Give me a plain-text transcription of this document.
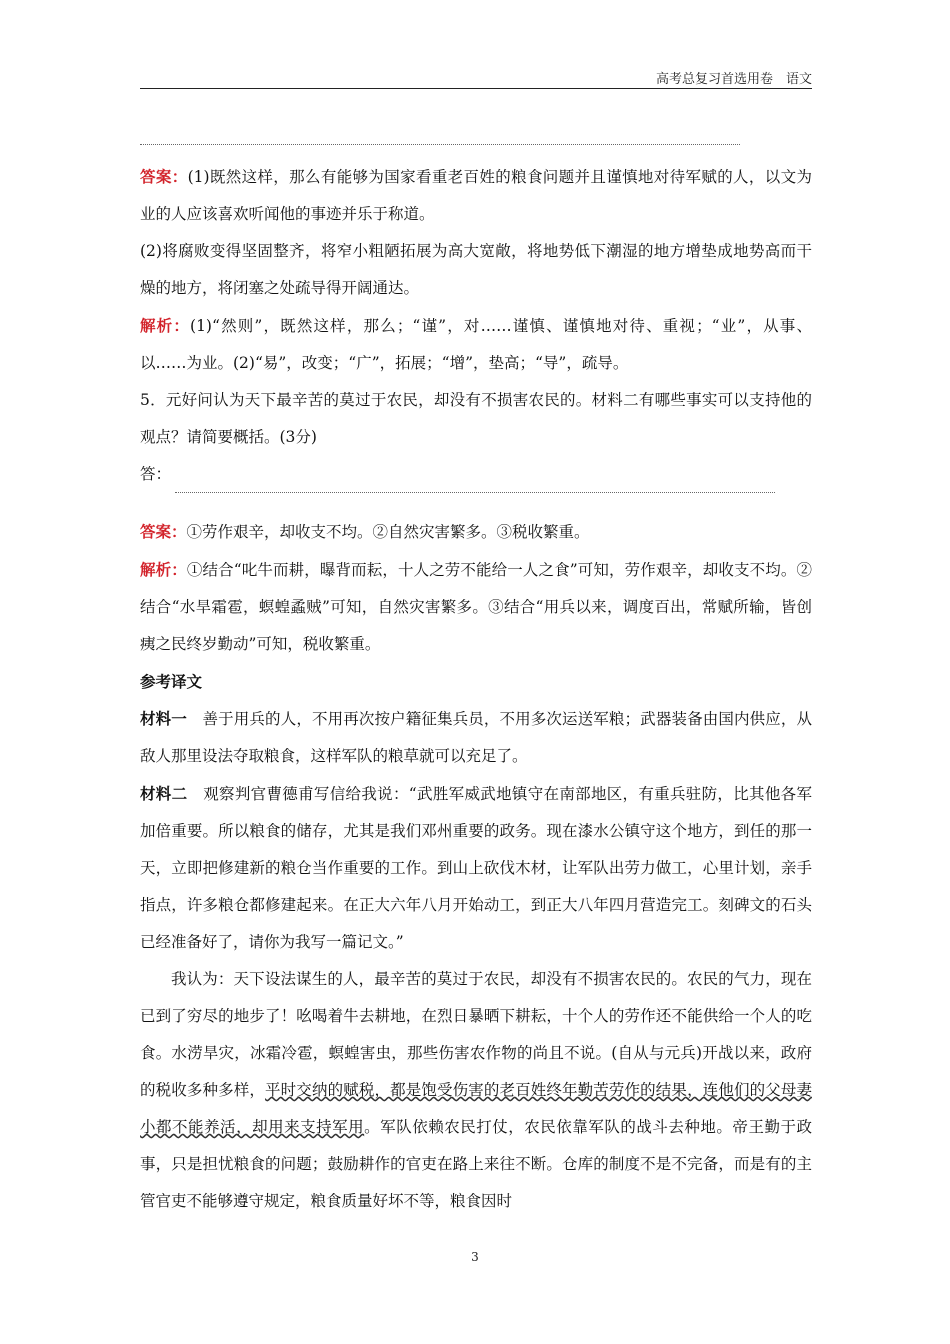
高考总复习首选用卷　语文

答案：(1)既然这样，那么有能够为国家看重老百姓的粮食问题并且谨慎地对待军赋的人，以文为业的人应该喜欢听闻他的事迹并乐于称道。

(2)将腐败变得坚固整齐，将窄小粗陋拓展为高大宽敞，将地势低下潮湿的地方增垫成地势高而干燥的地方，将闭塞之处疏导得开阔通达。

解析：(1)“然则”，既然这样，那么；“谨”，对……谨慎、谨慎地对待、重视；“业”，从事、以……为业。(2)“易”，改变；“广”，拓展；“增”，垫高；“导”，疏导。

5．元好问认为天下最辛苦的莫过于农民，却没有不损害农民的。材料二有哪些事实可以支持他的观点？请简要概括。(3分)

答：

答案：①劳作艰辛，却收支不均。②自然灾害繁多。③税收繁重。

解析：①结合“叱牛而耕，曝背而耘，十人之劳不能给一人之食”可知，劳作艰辛，却收支不均。②结合“水旱霜雹，螟蝗蟊贼”可知，自然灾害繁多。③结合“用兵以来，调度百出，常赋所输，皆创痍之民终岁勤动”可知，税收繁重。

参考译文

材料一　善于用兵的人，不用再次按户籍征集兵员，不用多次运送军粮；武器装备由国内供应，从敌人那里设法夺取粮食，这样军队的粮草就可以充足了。

材料二　观察判官曹德甫写信给我说：“武胜军威武地镇守在南部地区，有重兵驻防，比其他各军加倍重要。所以粮食的储存，尤其是我们邓州重要的政务。现在漆水公镇守这个地方，到任的那一天，立即把修建新的粮仓当作重要的工作。到山上砍伐木材，让军队出劳力做工，心里计划，亲手指点，许多粮仓都修建起来。在正大六年八月开始动工，到正大八年四月营造完工。刻碑文的石头已经准备好了，请你为我写一篇记文。”

我认为：天下设法谋生的人，最辛苦的莫过于农民，却没有不损害农民的。农民的气力，现在已到了穷尽的地步了！吆喝着牛去耕地，在烈日暴晒下耕耘，十个人的劳作还不能供给一个人的吃食。水涝旱灾，冰霜冷雹，螟蝗害虫，那些伤害农作物的尚且不说。(自从与元兵)开战以来，政府的税收多种多样，平时交纳的赋税，都是饱受伤害的老百姓终年勤苦劳作的结果，连他们的父母妻小都不能养活，却用来支持军用。军队依赖农民打仗，农民依靠军队的战斗去种地。帝王勤于政事，只是担忧粮食的问题；鼓励耕作的官吏在路上来往不断。仓库的制度不是不完备，而是有的主管官吏不能够遵守规定，粮食质量好坏不等，粮食因时

3
